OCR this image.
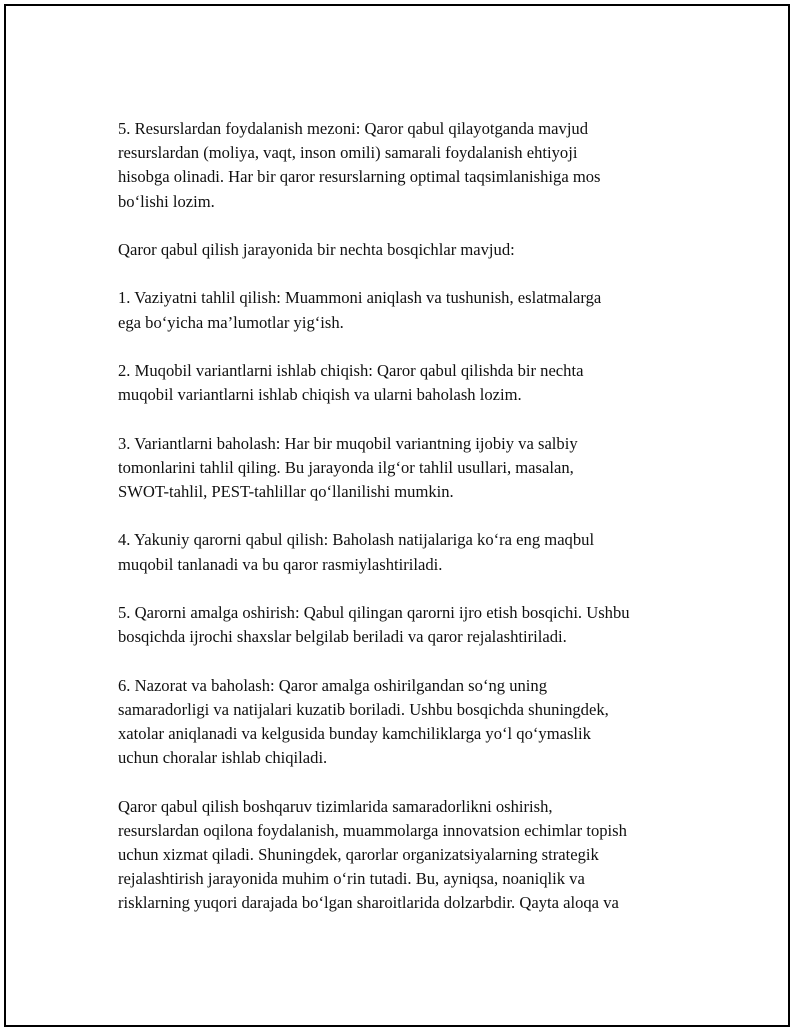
5. Resurslardan foydalanish mezoni: Qaror qabul qilayotganda mavjud
resurslardan (moliya, vaqt, inson omili) samarali foydalanish ehtiyoji
hisobga olinadi. Har bir qaror resurslarning optimal taqsimlanishiga mos
bo‘lishi lozim.

Qaror qabul qilish jarayonida bir nechta bosqichlar mavjud:

1. Vaziyatni tahlil qilish: Muammoni aniqlash va tushunish, eslatmalarga
ega bo‘yicha ma’lumotlar yig‘ish.

2. Muqobil variantlarni ishlab chiqish: Qaror qabul qilishda bir nechta
muqobil variantlarni ishlab chiqish va ularni baholash lozim.

3. Variantlarni baholash: Har bir muqobil variantning ijobiy va salbiy
tomonlarini tahlil qiling. Bu jarayonda ilg‘or tahlil usullari, masalan,
SWOT-tahlil, PEST-tahlillar qo‘llanilishi mumkin.

4. Yakuniy qarorni qabul qilish: Baholash natijalariga ko‘ra eng maqbul
muqobil tanlanadi va bu qaror rasmiylashtiriladi.

5. Qarorni amalga oshirish: Qabul qilingan qarorni ijro etish bosqichi. Ushbu
bosqichda ijrochi shaxslar belgilab beriladi va qaror rejalashtiriladi.

6. Nazorat va baholash: Qaror amalga oshirilgandan so‘ng uning
samaradorligi va natijalari kuzatib boriladi. Ushbu bosqichda shuningdek,
xatolar aniqlanadi va kelgusida bunday kamchiliklarga yo‘l qo‘ymaslik
uchun choralar ishlab chiqiladi.

Qaror qabul qilish boshqaruv tizimlarida samaradorlikni oshirish,
resurslardan oqilona foydalanish, muammolarga innovatsion echimlar topish
uchun xizmat qiladi. Shuningdek, qarorlar organizatsiyalarning strategik
rejalashtirish jarayonida muhim o‘rin tutadi. Bu, ayniqsa, noaniqlik va
risklarning yuqori darajada bo‘lgan sharoitlarida dolzarbdir. Qayta aloqa va
